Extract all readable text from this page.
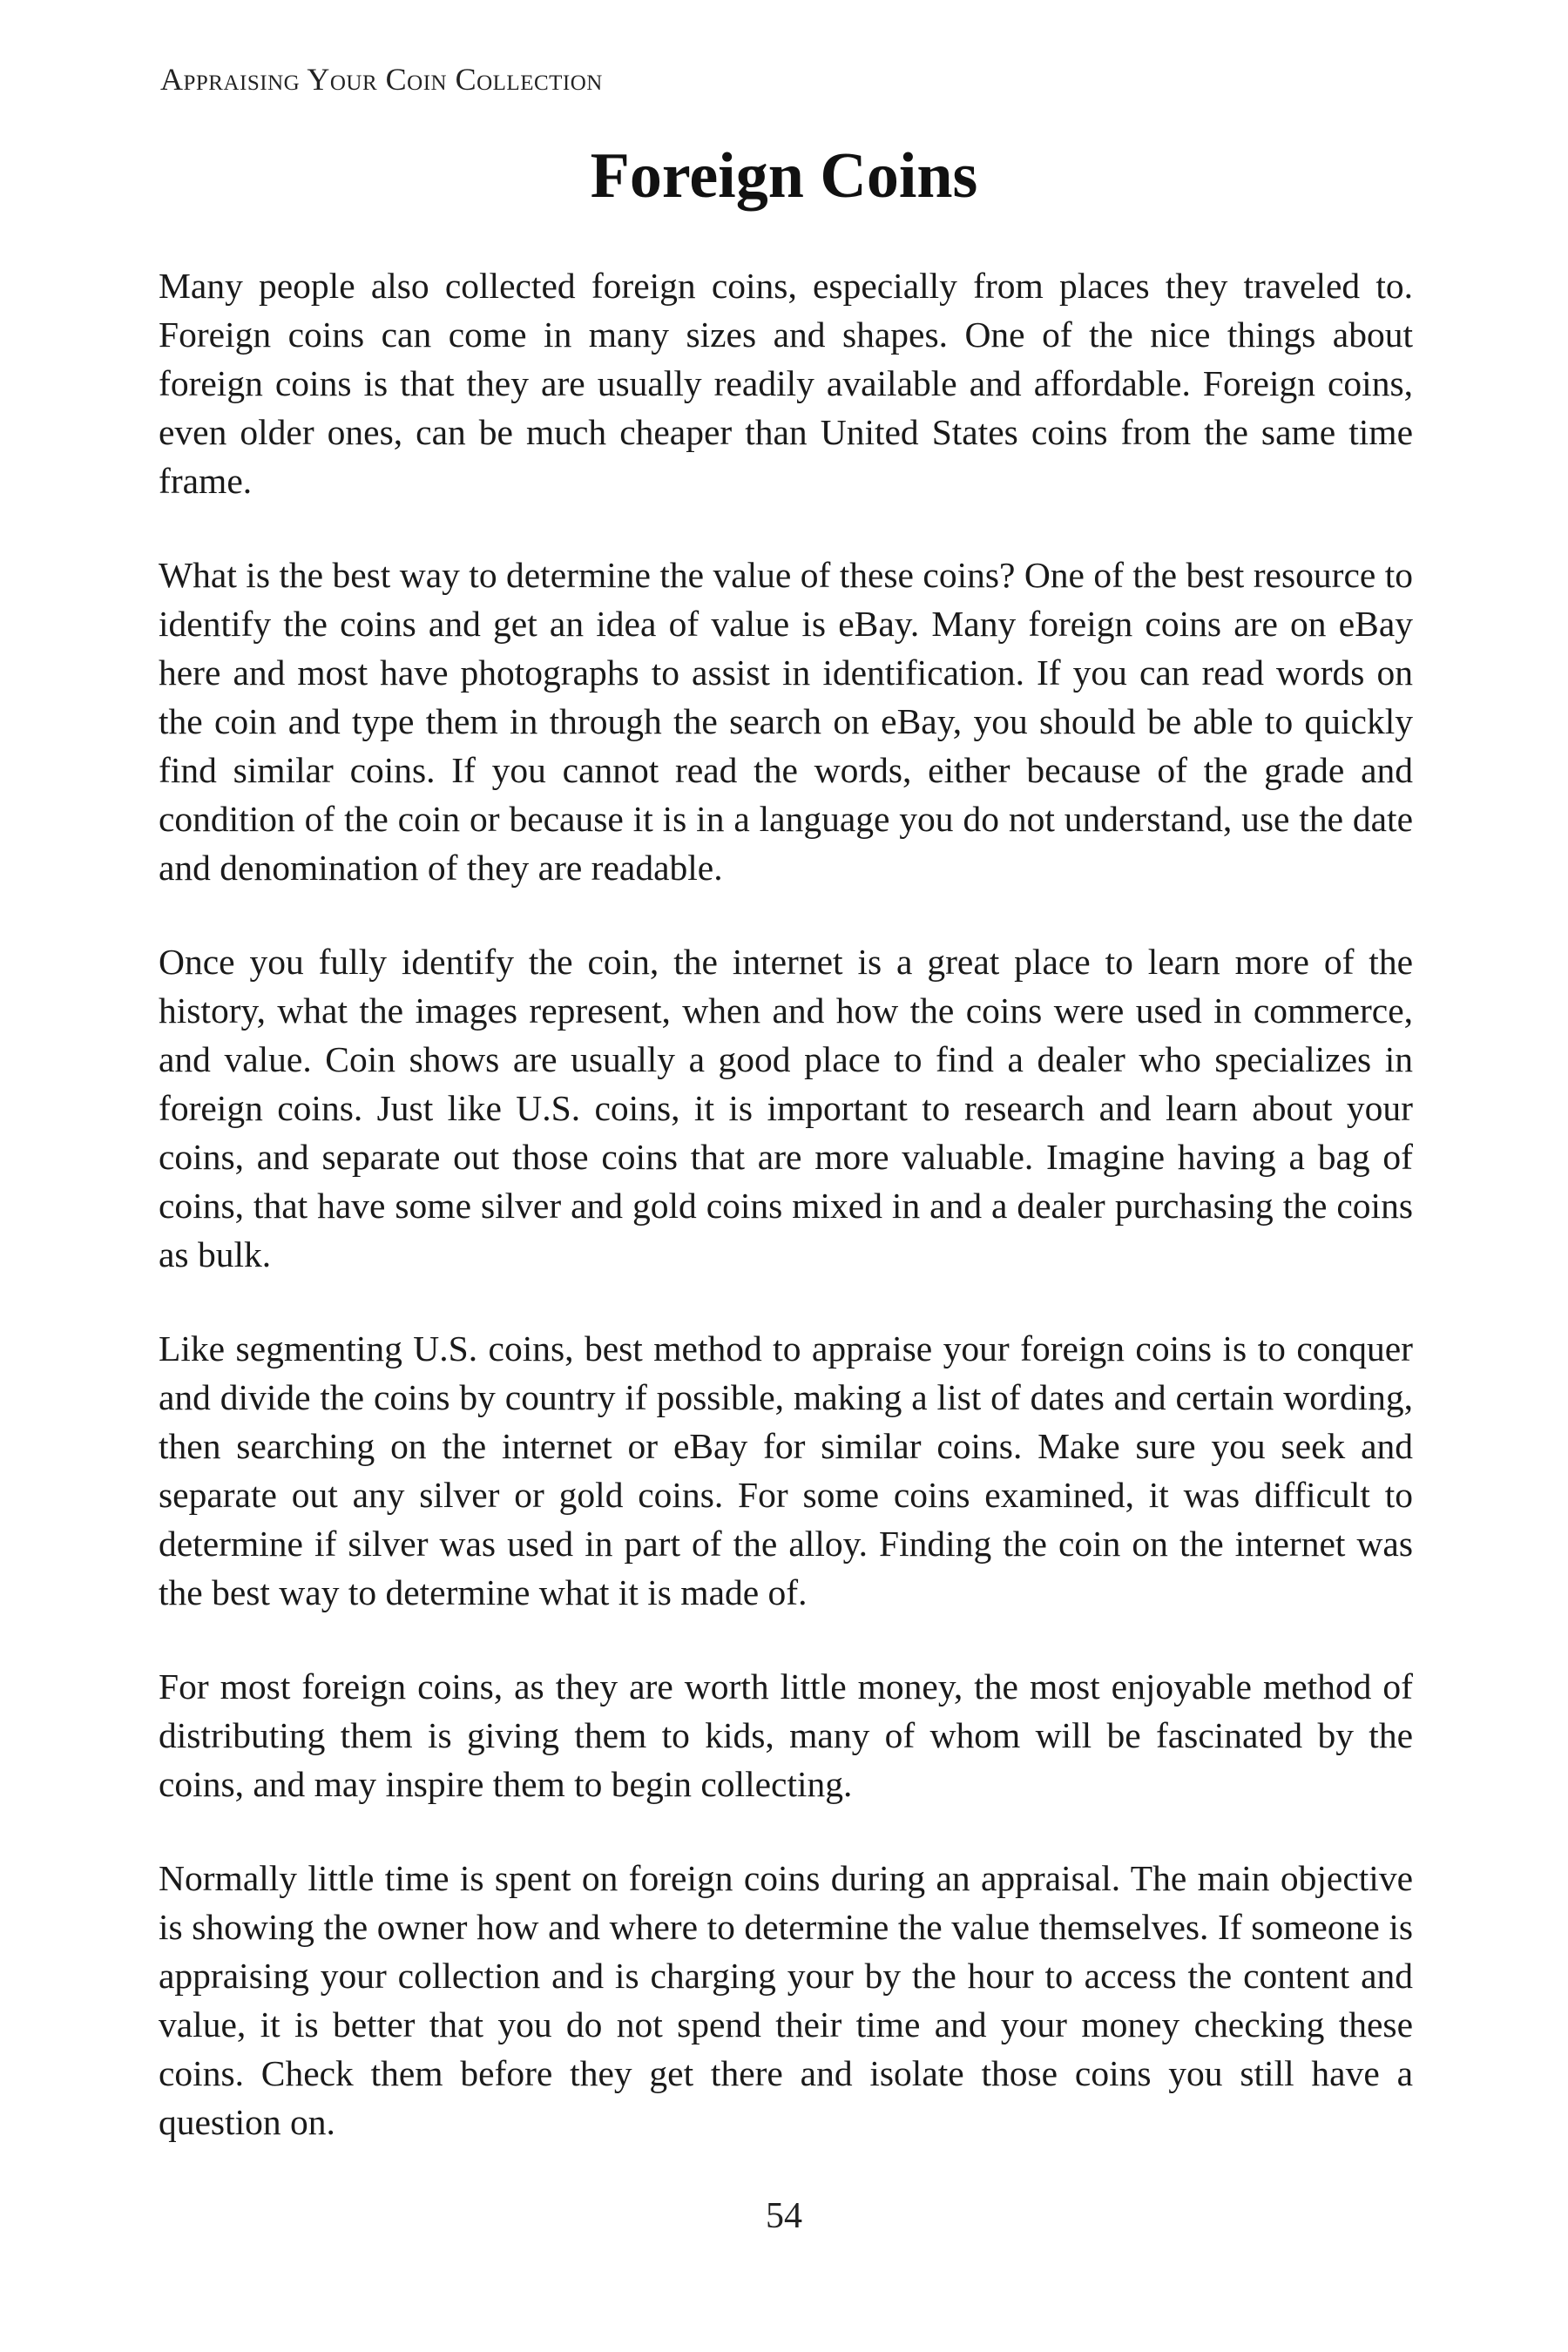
Appraising Your Coin Collection
Foreign Coins

Many people also collected foreign coins, especially from places they traveled to. Foreign coins can come in many sizes and shapes. One of the nice things about foreign coins is that they are usually readily available and affordable. Foreign coins, even older ones, can be much cheaper than United States coins from the same time frame.

What is the best way to determine the value of these coins? One of the best resource to identify the coins and get an idea of value is eBay. Many foreign coins are on eBay here and most have photographs to assist in identification. If you can read words on the coin and type them in through the search on eBay, you should be able to quickly find similar coins. If you cannot read the words, either because of the grade and condition of the coin or because it is in a language you do not understand, use the date and denomination of they are readable.

Once you fully identify the coin, the internet is a great place to learn more of the history, what the images represent, when and how the coins were used in commerce, and value. Coin shows are usually a good place to find a dealer who specializes in foreign coins. Just like U.S. coins, it is important to research and learn about your coins, and separate out those coins that are more valuable. Imagine having a bag of coins, that have some silver and gold coins mixed in and a dealer purchasing the coins as bulk.

Like segmenting U.S. coins, best method to appraise your foreign coins is to conquer and divide the coins by country if possible, making a list of dates and certain wording, then searching on the internet or eBay for similar coins. Make sure you seek and separate out any silver or gold coins. For some coins examined, it was difficult to determine if silver was used in part of the alloy. Finding the coin on the internet was the best way to determine what it is made of.

For most foreign coins, as they are worth little money, the most enjoyable method of distributing them is giving them to kids, many of whom will be fascinated by the coins, and may inspire them to begin collecting.

Normally little time is spent on foreign coins during an appraisal. The main objective is showing the owner how and where to determine the value themselves. If someone is appraising your collection and is charging your by the hour to access the content and value, it is better that you do not spend their time and your money checking these coins. Check them before they get there and isolate those coins you still have a question on.

54
